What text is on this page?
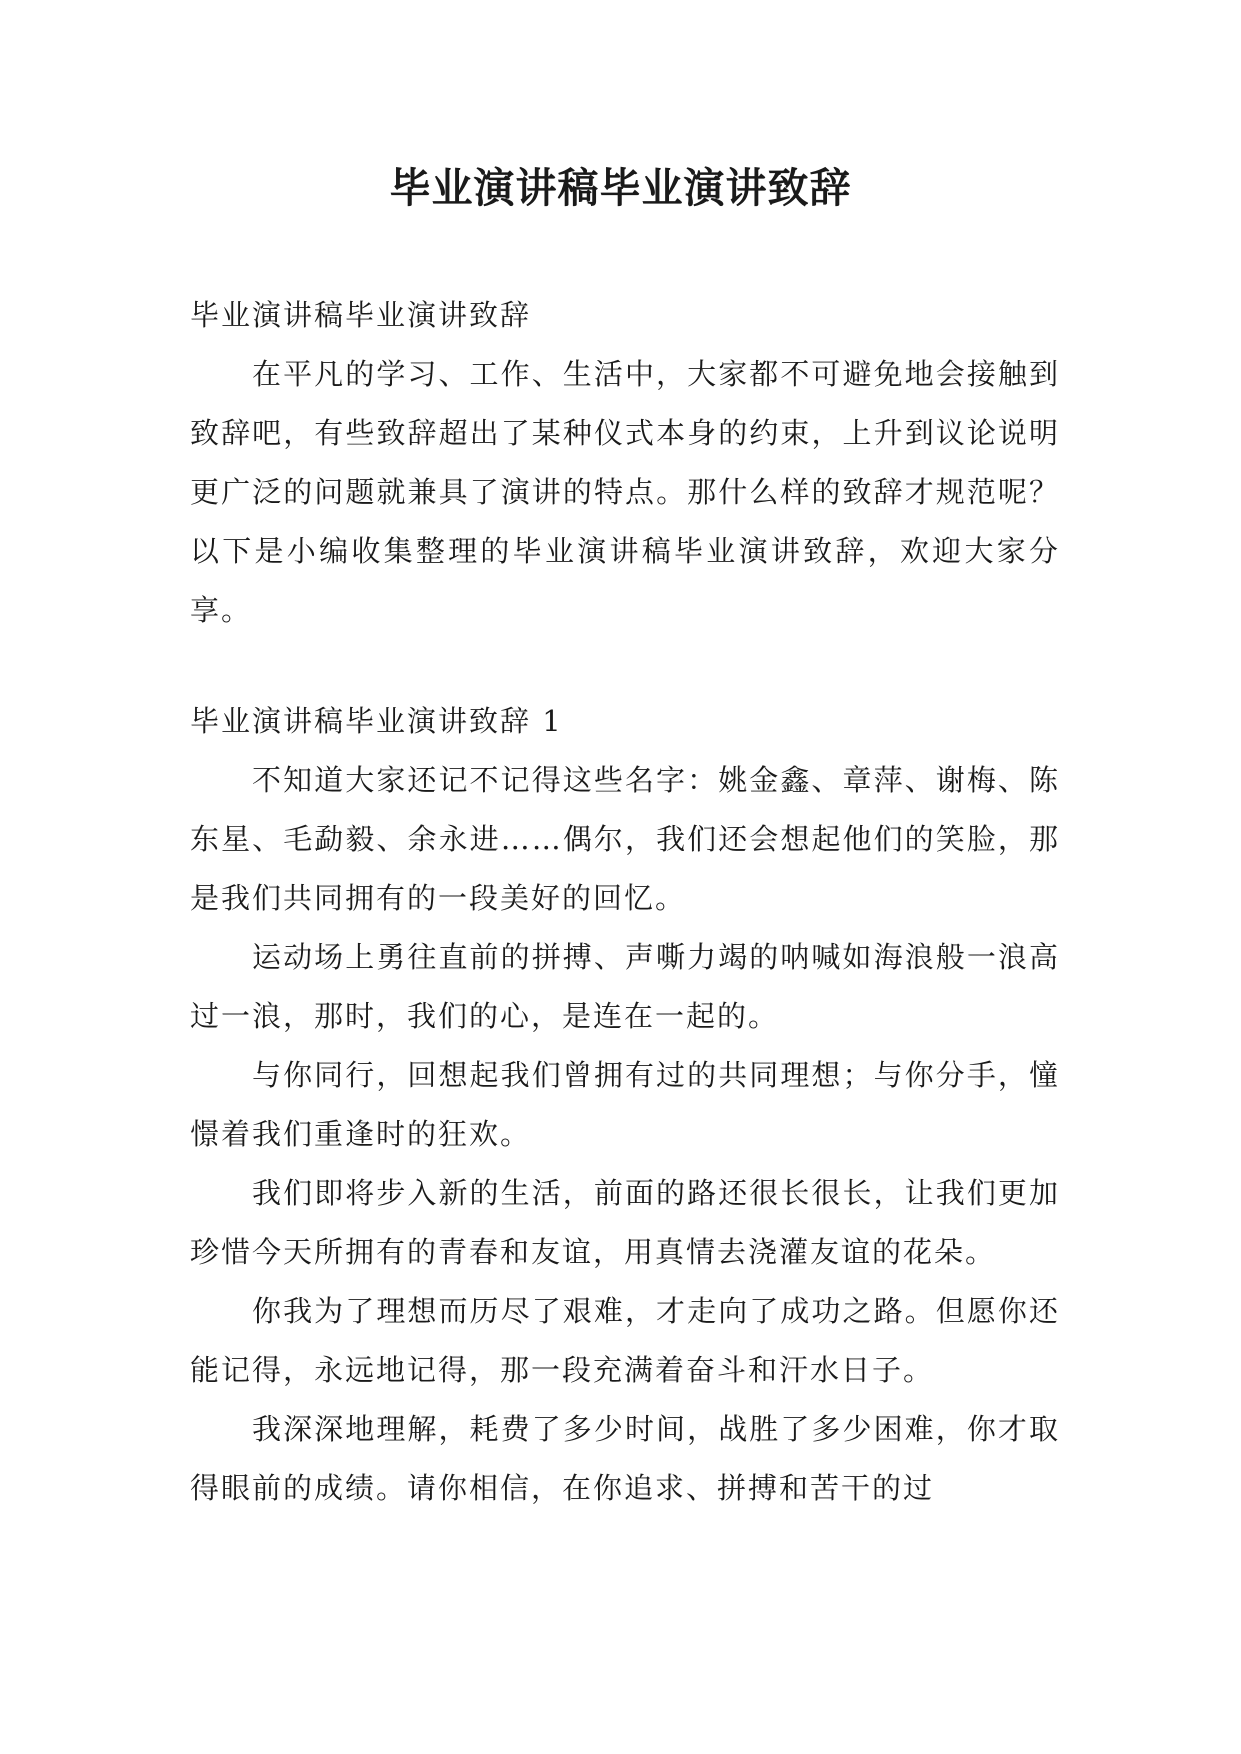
毕业演讲稿毕业演讲致辞

毕业演讲稿毕业演讲致辞

在平凡的学习、工作、生活中，大家都不可避免地会接触到致辞吧，有些致辞超出了某种仪式本身的约束，上升到议论说明更广泛的问题就兼具了演讲的特点。那什么样的致辞才规范呢？以下是小编收集整理的毕业演讲稿毕业演讲致辞，欢迎大家分享。

毕业演讲稿毕业演讲致辞 1

不知道大家还记不记得这些名字：姚金鑫、章萍、谢梅、陈东星、毛勐毅、余永进……偶尔，我们还会想起他们的笑脸，那是我们共同拥有的一段美好的回忆。

运动场上勇往直前的拼搏、声嘶力竭的呐喊如海浪般一浪高过一浪，那时，我们的心，是连在一起的。

与你同行，回想起我们曾拥有过的共同理想；与你分手，憧憬着我们重逢时的狂欢。

我们即将步入新的生活，前面的路还很长很长，让我们更加珍惜今天所拥有的青春和友谊，用真情去浇灌友谊的花朵。

你我为了理想而历尽了艰难，才走向了成功之路。但愿你还能记得，永远地记得，那一段充满着奋斗和汗水日子。

我深深地理解，耗费了多少时间，战胜了多少困难，你才取得眼前的成绩。请你相信，在你追求、拼搏和苦干的过
